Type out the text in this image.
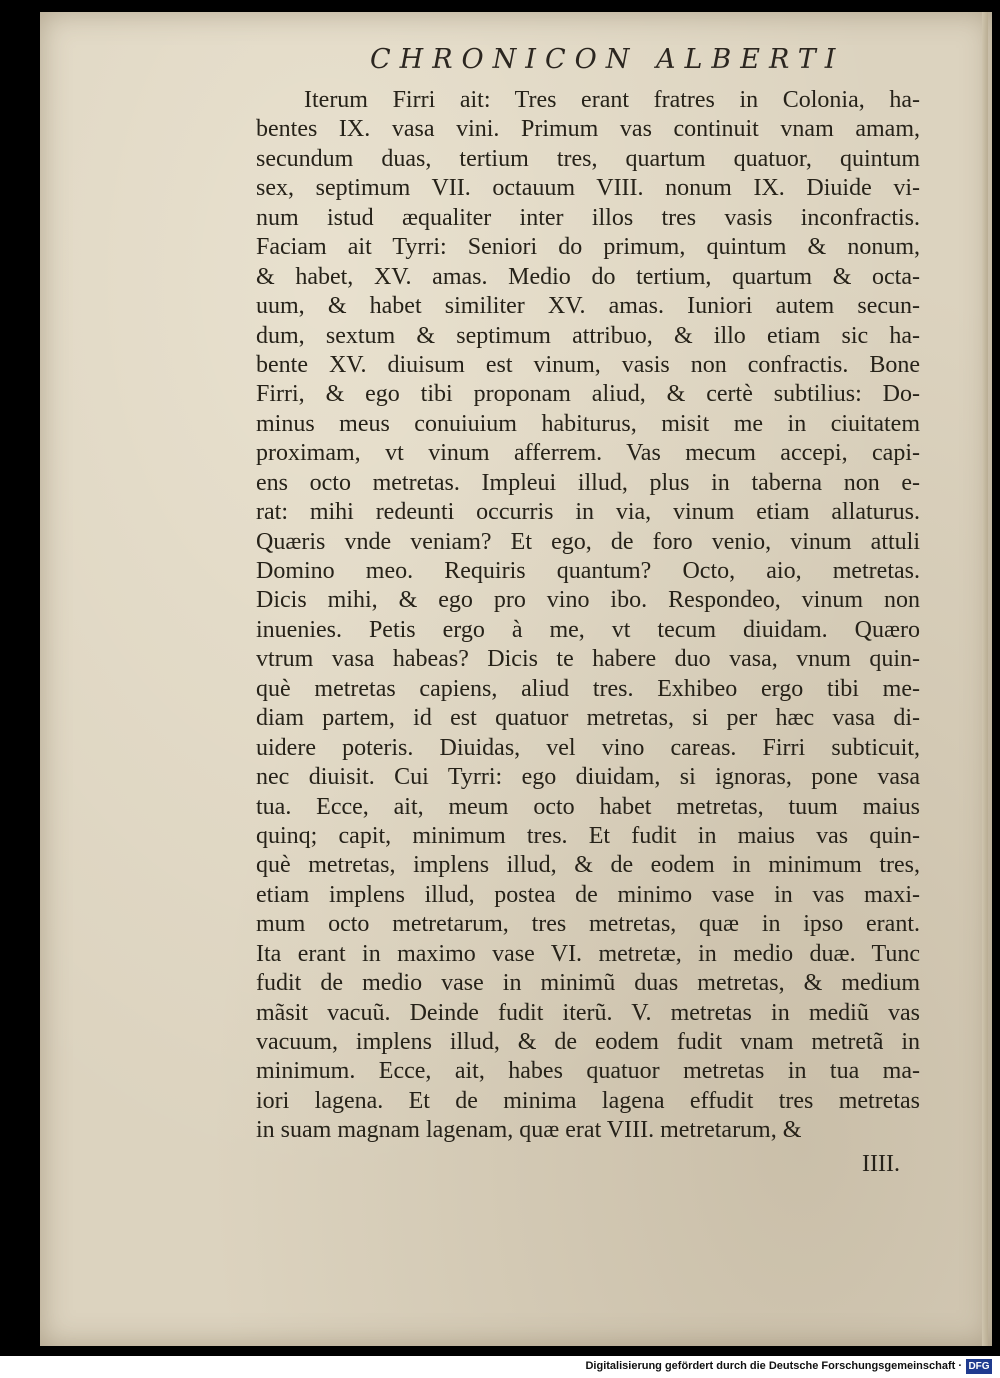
CHRONICON ALBERTI
Iterum Firri ait: Tres erant fratres in Colonia, ha-
bentes IX. vasa vini. Primum vas continuit vnam amam,
secundum duas, tertium tres, quartum quatuor, quintum
sex, septimum VII. octauum VIII. nonum IX. Diuide vi-
num istud æqualiter inter illos tres vasis inconfractis.
Faciam ait Tyrri: Seniori do primum, quintum & nonum,
& habet, XV. amas. Medio do tertium, quartum & octa-
uum, & habet similiter XV. amas. Iuniori autem secun-
dum, sextum & septimum attribuo, & illo etiam sic ha-
bente XV. diuisum est vinum, vasis non confractis. Bone
Firri, & ego tibi proponam aliud, & certè subtilius: Do-
minus meus conuiuium habiturus, misit me in ciuitatem
proximam, vt vinum afferrem. Vas mecum accepi, capi-
ens octo metretas. Impleui illud, plus in taberna non e-
rat: mihi redeunti occurris in via, vinum etiam allaturus.
Quæris vnde veniam? Et ego, de foro venio, vinum attuli
Domino meo. Requiris quantum? Octo, aio, metretas.
Dicis mihi, & ego pro vino ibo. Respondeo, vinum non
inuenies. Petis ergo à me, vt tecum diuidam. Quæro
vtrum vasa habeas? Dicis te habere duo vasa, vnum quin-
què metretas capiens, aliud tres. Exhibeo ergo tibi me-
diam partem, id est quatuor metretas, si per hæc vasa di-
uidere poteris. Diuidas, vel vino careas. Firri subticuit,
nec diuisit. Cui Tyrri: ego diuidam, si ignoras, pone vasa
tua. Ecce, ait, meum octo habet metretas, tuum maius
quinq; capit, minimum tres. Et fudit in maius vas quin-
què metretas, implens illud, & de eodem in minimum tres,
etiam implens illud, postea de minimo vase in vas maxi-
mum octo metretarum, tres metretas, quæ in ipso erant.
Ita erant in maximo vase VI. metretæ, in medio duæ. Tunc
fudit de medio vase in minimũ duas metretas, & medium
mãsit vacuũ. Deinde fudit iterũ. V. metretas in mediũ vas
vacuum, implens illud, & de eodem fudit vnam metretã in
minimum. Ecce, ait, habes quatuor metretas in tua ma-
iori lagena. Et de minima lagena effudit tres metretas
in suam magnam lagenam, quæ erat VIII. metretarum, &
IIII.
Digitalisierung gefördert durch die Deutsche Forschungsgemeinschaft · DFG
